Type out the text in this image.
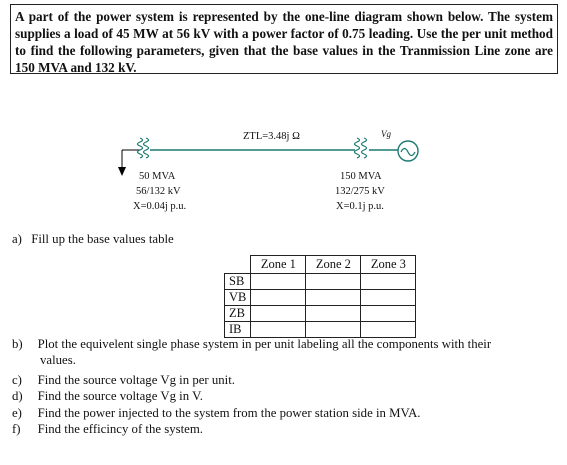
A part of the power system is represented by the one-line diagram shown below. The system supplies a load of 45 MW at 56 kV with a power factor of 0.75 leading. Use the per unit method to find the following parameters, given that the base values in the Tranmission Line zone are 150 MVA and 132 kV.
ZTL=3.48j Ω	Vg
50 MVA
56/132 kV
X=0.04j p.u.
150 MVA
132/275 kV
X=0.1j p.u.
a) Fill up the base values table
	Zone 1	Zone 2	Zone 3
SB			
VB			
ZB			
IB			
b) Plot the equivelent single phase system in per unit labeling all the components with their
values.
c) Find the source voltage Vg in per unit.
d) Find the source voltage Vg in V.
e) Find the power injected to the system from the power station side in MVA.
f) Find the efficincy of the system.
